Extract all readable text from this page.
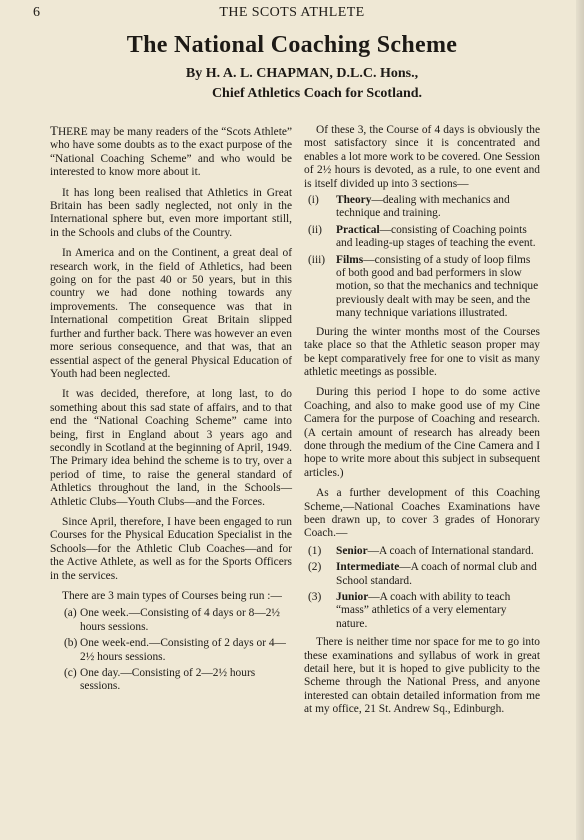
6	THE SCOTS ATHLETE
The National Coaching Scheme
By H. A. L. CHAPMAN, D.L.C. Hons.,
Chief Athletics Coach for Scotland.

THERE may be many readers of the “Scots Athlete” who have some doubts as to the exact purpose of the “National Coaching Scheme” and who would be interested to know more about it.

It has long been realised that Athletics in Great Britain has been sadly neglected, not only in the International sphere but, even more important still, in the Schools and clubs of the Country.

In America and on the Continent, a great deal of research work, in the field of Athletics, had been going on for the past 40 or 50 years, but in this country we had done nothing towards any improvements. The consequence was that in International competition Great Britain slipped further and further back. There was however an even more serious consequence, and that was, that an essential aspect of the general Physical Education of Youth had been neglected.

It was decided, therefore, at long last, to do something about this sad state of affairs, and to that end the “National Coaching Scheme” came into being, first in England about 3 years ago and secondly in Scotland at the beginning of April, 1949. The Primary idea behind the scheme is to try, over a period of time, to raise the general standard of Athletics throughout the land, in the Schools—Athletic Clubs—Youth Clubs—and the Forces.

Since April, therefore, I have been engaged to run Courses for the Physical Education Specialist in the Schools—for the Athletic Club Coaches—and for the Active Athlete, as well as for the Sports Officers in the services.

There are 3 main types of Courses being run :—

(a) One week.—Consisting of 4 days or 8—2½ hours sessions.
(b) One week-end.—Consisting of 2 days or 4—2½ hours sessions.
(c) One day.—Consisting of 2—2½ hours sessions.

Of these 3, the Course of 4 days is obviously the most satisfactory since it is concentrated and enables a lot more work to be covered. One Session of 2½ hours is devoted, as a rule, to one event and is itself divided up into 3 sections—

(i)	Theory—dealing with mechanics and technique and training.
(ii)	Practical—consisting of Coaching points and leading-up stages of teaching the event.
(iii) Films—consisting of a study of loop films of both good and bad performers in slow motion, so that the mechanics and technique previously dealt with may be seen, and the many technique variations illustrated.

During the winter months most of the Courses take place so that the Athletic season proper may be kept comparatively free for one to visit as many athletic meetings as possible.

During this period I hope to do some active Coaching, and also to make good use of my Cine Camera for the purpose of Coaching and research. (A certain amount of research has already been done through the medium of the Cine Camera and I hope to write more about this subject in subsequent articles.)

As a further development of this Coaching Scheme,—National Coaches Examinations have been drawn up, to cover 3 grades of Honorary Coach.—

(1)	Senior—A coach of International standard.
(2)	Intermediate—A coach of normal club and School standard.
(3)	Junior—A coach with ability to teach “mass” athletics of a very elementary nature.

There is neither time nor space for me to go into these examinations and syllabus of work in great detail here, but it is hoped to give publicity to the Scheme through the National Press, and anyone interested can obtain detailed information from me at my office, 21 St. Andrew Sq., Edinburgh.
